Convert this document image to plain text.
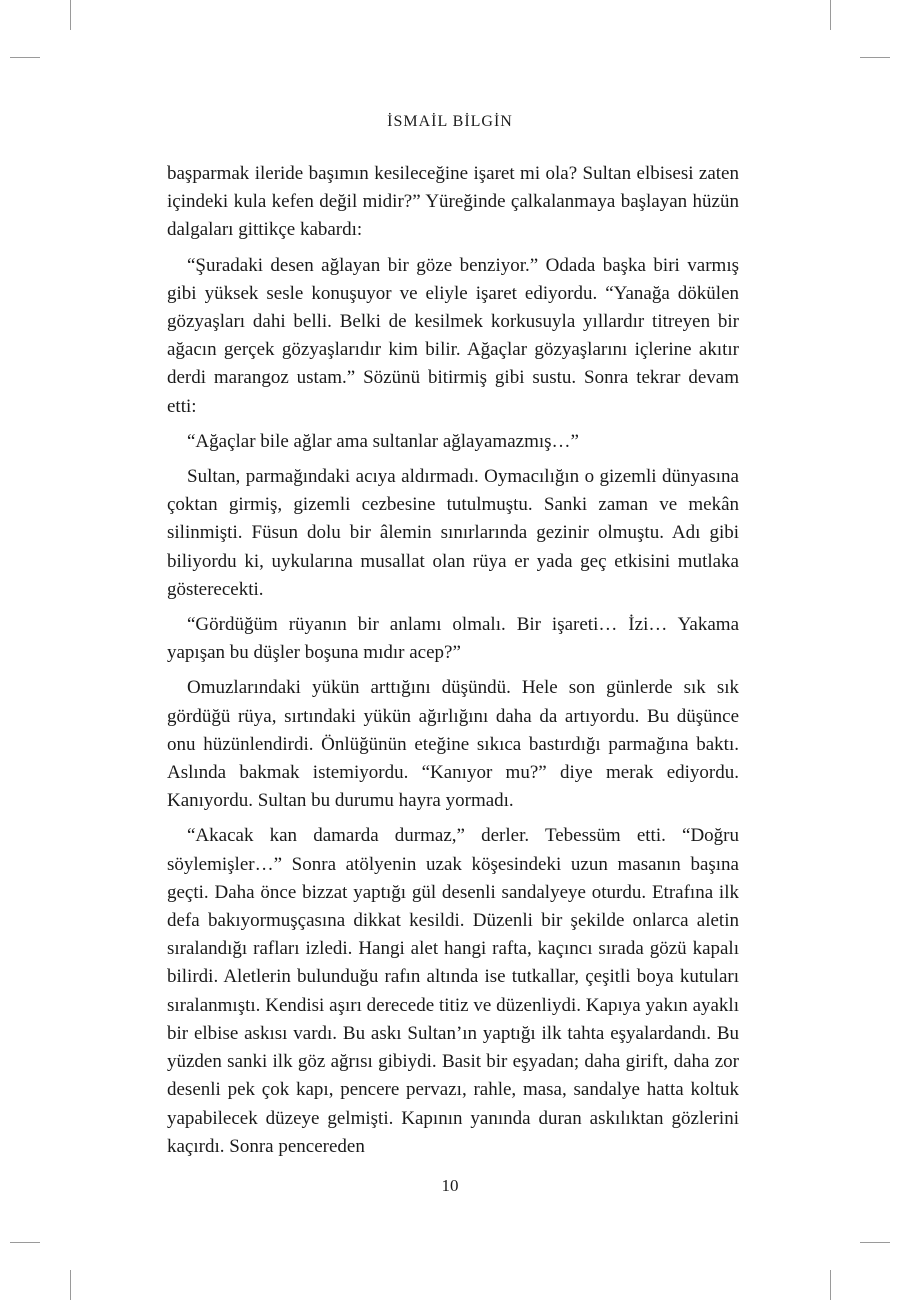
İSMAİL BİLGİN

başparmak ileride başımın kesileceğine işaret mi ola? Sultan elbisesi zaten içindeki kula kefen değil midir?” Yüreğinde çalkalanmaya başlayan hüzün dalgaları gittikçe kabardı:

“Şuradaki desen ağlayan bir göze benziyor.” Odada başka biri varmış gibi yüksek sesle konuşuyor ve eliyle işaret ediyordu. “Yanağa dökülen gözyaşları dahi belli. Belki de kesilmek korkusuyla yıllardır titreyen bir ağacın gerçek gözyaşlarıdır kim bilir. Ağaçlar gözyaşlarını içlerine akıtır derdi marangoz ustam.” Sözünü bitirmiş gibi sustu. Sonra tekrar devam etti:

“Ağaçlar bile ağlar ama sultanlar ağlayamazmış…”

Sultan, parmağındaki acıya aldırmadı. Oymacılığın o gizemli dünyasına çoktan girmiş, gizemli cezbesine tutulmuştu. Sanki zaman ve mekân silinmişti. Füsun dolu bir âlemin sınırlarında gezinir olmuştu. Adı gibi biliyordu ki, uykularına musallat olan rüya er yada geç etkisini mutlaka gösterecekti.

“Gördüğüm rüyanın bir anlamı olmalı. Bir işareti… İzi… Yakama yapışan bu düşler boşuna mıdır acep?”

Omuzlarındaki yükün arttığını düşündü. Hele son günlerde sık sık gördüğü rüya, sırtındaki yükün ağırlığını daha da artıyordu. Bu düşünce onu hüzünlendirdi. Önlüğünün eteğine sıkıca bastırdığı parmağına baktı. Aslında bakmak istemiyordu. “Kanıyor mu?” diye merak ediyordu. Kanıyordu. Sultan bu durumu hayra yormadı.

“Akacak kan damarda durmaz,” derler. Tebessüm etti. “Doğru söylemişler…” Sonra atölyenin uzak köşesindeki uzun masanın başına geçti. Daha önce bizzat yaptığı gül desenli sandalyeye oturdu. Etrafına ilk defa bakıyormuşçasına dikkat kesildi. Düzenli bir şekilde onlarca aletin sıralandığı rafları izledi. Hangi alet hangi rafta, kaçıncı sırada gözü kapalı bilirdi. Aletlerin bulunduğu rafın altında ise tutkallar, çeşitli boya kutuları sıralanmıştı. Kendisi aşırı derecede titiz ve düzenliydi. Kapıya yakın ayaklı bir elbise askısı vardı. Bu askı Sultan’ın yaptığı ilk tahta eşyalardandı. Bu yüzden sanki ilk göz ağrısı gibiydi. Basit bir eşyadan; daha girift, daha zor desenli pek çok kapı, pencere pervazı, rahle, masa, sandalye hatta koltuk yapabilecek düzeye gelmişti. Kapının yanında duran askılıktan gözlerini kaçırdı. Sonra pencereden

10
